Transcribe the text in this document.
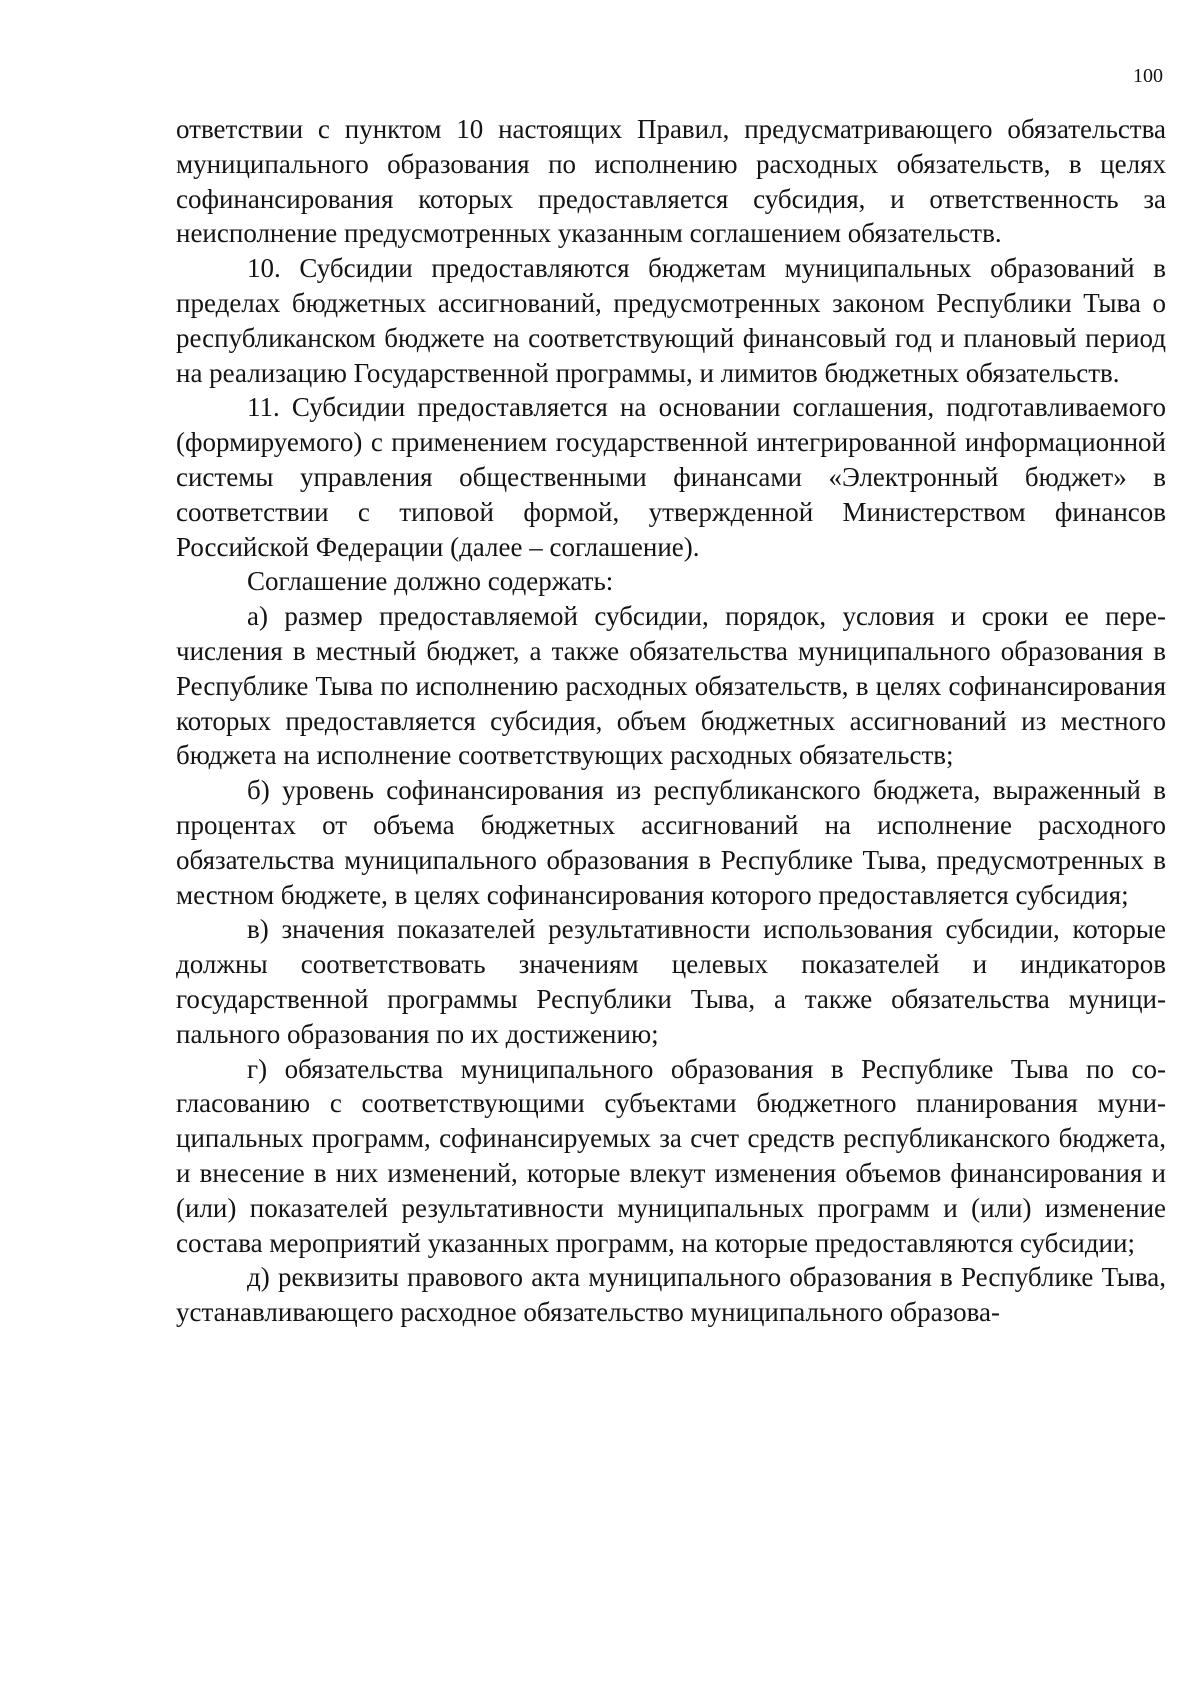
100

ответствии с пунктом 10 настоящих Правил, предусматривающего обязательства муниципального образования по исполнению расходных обязательств, в целях софинансирования которых предоставляется субсидия, и ответственность за неисполнение предусмотренных указанным соглашением обязательств.

10. Субсидии предоставляются бюджетам муниципальных образований в пределах бюджетных ассигнований, предусмотренных законом Республики Тыва о республиканском бюджете на соответствующий финансовый год и плановый период на реализацию Государственной программы, и лимитов бюджетных обязательств.

11. Субсидии предоставляется на основании соглашения, подготавливаемого (формируемого) с применением государственной интегрированной информационной системы управления общественными финансами «Электронный бюджет» в соответствии с типовой формой, утвержденной Министерством финансов Российской Федерации (далее – соглашение).

Соглашение должно содержать:

а) размер предоставляемой субсидии, порядок, условия и сроки ее перечисления в местный бюджет, а также обязательства муниципального образования в Республике Тыва по исполнению расходных обязательств, в целях софинансирования которых предоставляется субсидия, объем бюджетных ассигнований из местного бюджета на исполнение соответствующих расходных обязательств;

б) уровень софинансирования из республиканского бюджета, выраженный в процентах от объема бюджетных ассигнований на исполнение расходного обязательства муниципального образования в Республике Тыва, предусмотренных в местном бюджете, в целях софинансирования которого предоставляется субсидия;

в) значения показателей результативности использования субсидии, которые должны соответствовать значениям целевых показателей и индикаторов государственной программы Республики Тыва, а также обязательства муниципального образования по их достижению;

г) обязательства муниципального образования в Республике Тыва по согласованию с соответствующими субъектами бюджетного планирования муниципальных программ, софинансируемых за счет средств республиканского бюджета, и внесение в них изменений, которые влекут изменения объемов финансирования и (или) показателей результативности муниципальных программ и (или) изменение состава мероприятий указанных программ, на которые предоставляются субсидии;

д) реквизиты правового акта муниципального образования в Республике Тыва, устанавливающего расходное обязательство муниципального образова-
